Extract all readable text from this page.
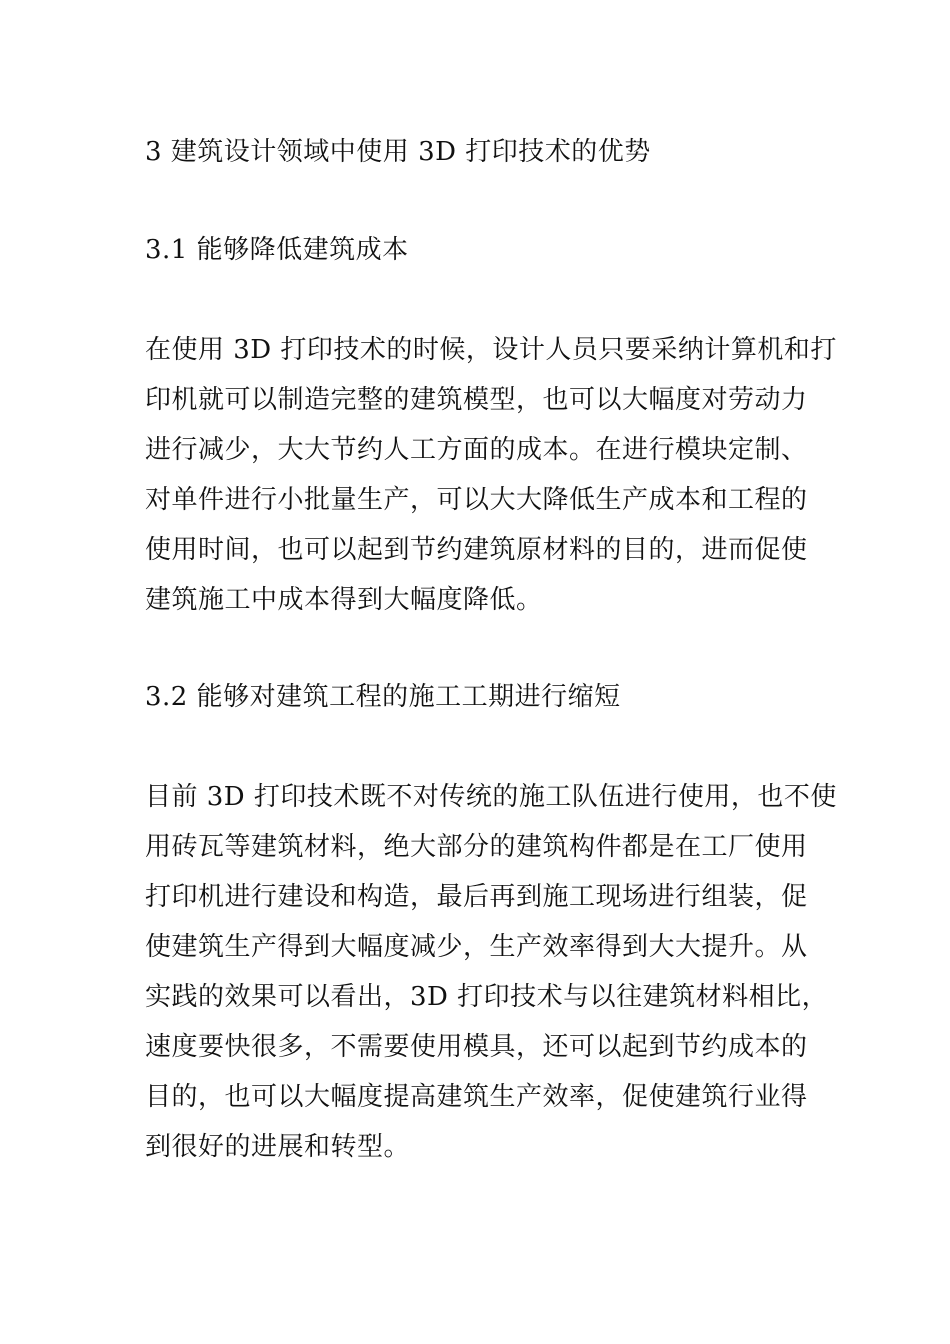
3 建筑设计领域中使用 3D 打印技术的优势
3.1 能够降低建筑成本
在使用 3D 打印技术的时候，设计人员只要采纳计算机和打
印机就可以制造完整的建筑模型，也可以大幅度对劳动力
进行减少，大大节约人工方面的成本。在进行模块定制、
对单件进行小批量生产，可以大大降低生产成本和工程的
使用时间，也可以起到节约建筑原材料的目的，进而促使
建筑施工中成本得到大幅度降低。
3.2 能够对建筑工程的施工工期进行缩短
目前 3D 打印技术既不对传统的施工队伍进行使用，也不使
用砖瓦等建筑材料，绝大部分的建筑构件都是在工厂使用
打印机进行建设和构造，最后再到施工现场进行组装，促
使建筑生产得到大幅度减少，生产效率得到大大提升。从
实践的效果可以看出，3D 打印技术与以往建筑材料相比，
速度要快很多，不需要使用模具，还可以起到节约成本的
目的，也可以大幅度提高建筑生产效率，促使建筑行业得
到很好的进展和转型。
